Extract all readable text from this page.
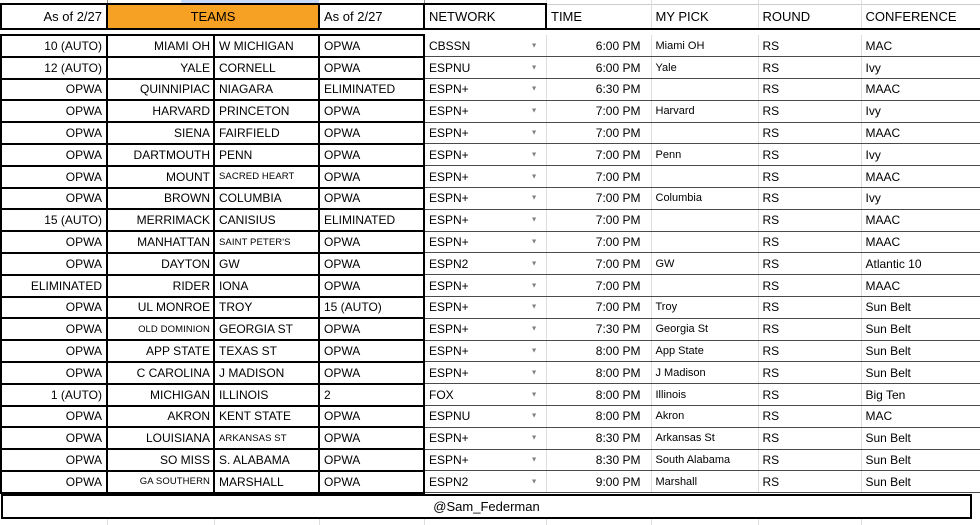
As of 2/27	TEAMS		As of 2/27	NETWORK	TIME	MY PICK	ROUND	CONFERENCE

10 (AUTO)	MIAMI OH	W MICHIGAN	OPWA	CBSSN ▼	6:00 PM	Miami OH	RS	MAC
12 (AUTO)	YALE	CORNELL	OPWA	ESPNU ▼	6:00 PM	Yale	RS	Ivy
OPWA	QUINNIPIAC	NIAGARA	ELIMINATED	ESPN+ ▼	6:30 PM		RS	MAAC
OPWA	HARVARD	PRINCETON	OPWA	ESPN+ ▼	7:00 PM	Harvard	RS	Ivy
OPWA	SIENA	FAIRFIELD	OPWA	ESPN+ ▼	7:00 PM		RS	MAAC
OPWA	DARTMOUTH	PENN	OPWA	ESPN+ ▼	7:00 PM	Penn	RS	Ivy
OPWA	MOUNT	SACRED HEART	OPWA	ESPN+ ▼	7:00 PM		RS	MAAC
OPWA	BROWN	COLUMBIA	OPWA	ESPN+ ▼	7:00 PM	Columbia	RS	Ivy
15 (AUTO)	MERRIMACK	CANISIUS	ELIMINATED	ESPN+ ▼	7:00 PM		RS	MAAC
OPWA	MANHATTAN	SAINT PETER'S	OPWA	ESPN+ ▼	7:00 PM		RS	MAAC
OPWA	DAYTON	GW	OPWA	ESPN2 ▼	7:00 PM	GW	RS	Atlantic 10
ELIMINATED	RIDER	IONA	OPWA	ESPN+ ▼	7:00 PM		RS	MAAC
OPWA	UL MONROE	TROY	15 (AUTO)	ESPN+ ▼	7:00 PM	Troy	RS	Sun Belt
OPWA	OLD DOMINION	GEORGIA ST	OPWA	ESPN+ ▼	7:30 PM	Georgia St	RS	Sun Belt
OPWA	APP STATE	TEXAS ST	OPWA	ESPN+ ▼	8:00 PM	App State	RS	Sun Belt
OPWA	C CAROLINA	J MADISON	OPWA	ESPN+ ▼	8:00 PM	J Madison	RS	Sun Belt
1 (AUTO)	MICHIGAN	ILLINOIS	2	FOX ▼	8:00 PM	Illinois	RS	Big Ten
OPWA	AKRON	KENT STATE	OPWA	ESPNU ▼	8:00 PM	Akron	RS	MAC
OPWA	LOUISIANA	ARKANSAS ST	OPWA	ESPN+ ▼	8:30 PM	Arkansas St	RS	Sun Belt
OPWA	SO MISS	S. ALABAMA	OPWA	ESPN+ ▼	8:30 PM	South Alabama	RS	Sun Belt
OPWA	GA SOUTHERN	MARSHALL	OPWA	ESPN2 ▼	9:00 PM	Marshall	RS	Sun Belt

@Sam_Federman								
